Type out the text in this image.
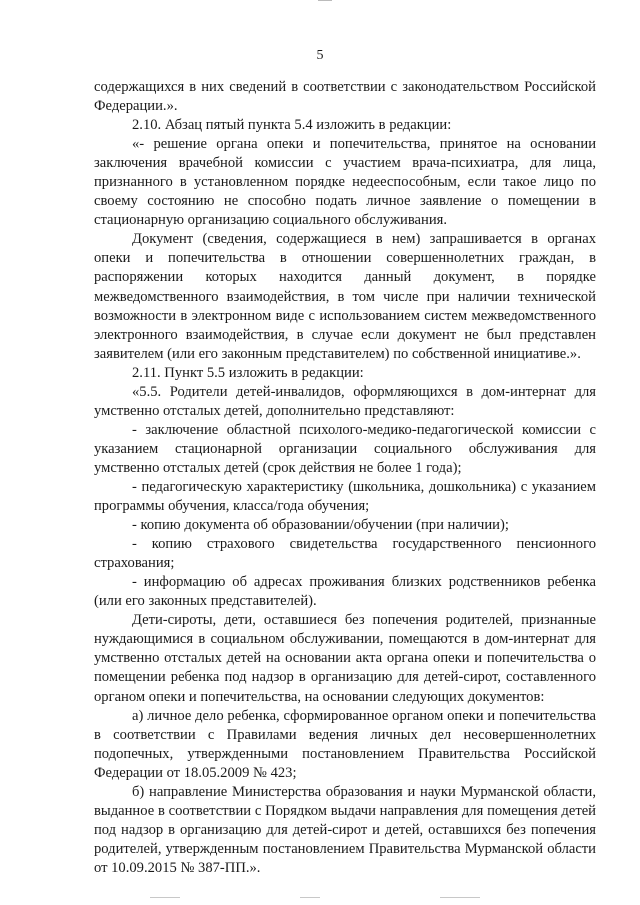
5

содержащихся в них сведений в соответствии с законодательством Российской Федерации.».

2.10. Абзац пятый пункта 5.4 изложить в редакции:

«- решение органа опеки и попечительства, принятое на основании заключения врачебной комиссии с участием врача-психиатра, для лица, признанного в установленном порядке недееспособным, если такое лицо по своему состоянию не способно подать личное заявление о помещении в стационарную организацию социального обслуживания.

Документ (сведения, содержащиеся в нем) запрашивается в органах опеки и попечительства в отношении совершеннолетних граждан, в распоряжении которых находится данный документ, в порядке межведомственного взаимодействия, в том числе при наличии технической возможности в электронном виде с использованием систем межведомственного электронного взаимодействия, в случае если документ не был представлен заявителем (или его законным представителем) по собственной инициативе.».

2.11. Пункт 5.5 изложить в редакции:

«5.5. Родители детей-инвалидов, оформляющихся в дом-интернат для умственно отсталых детей, дополнительно представляют:

- заключение областной психолого-медико-педагогической комиссии с указанием стационарной организации социального обслуживания для умственно отсталых детей (срок действия не более 1 года);

- педагогическую характеристику (школьника, дошкольника) с указанием программы обучения, класса/года обучения;

- копию документа об образовании/обучении (при наличии);

- копию страхового свидетельства государственного пенсионного страхования;

- информацию об адресах проживания близких родственников ребенка (или его законных представителей).

Дети-сироты, дети, оставшиеся без попечения родителей, признанные нуждающимися в социальном обслуживании, помещаются в дом-интернат для умственно отсталых детей на основании акта органа опеки и попечительства о помещении ребенка под надзор в организацию для детей-сирот, составленного органом опеки и попечительства, на основании следующих документов:

а) личное дело ребенка, сформированное органом опеки и попечительства в соответствии с Правилами ведения личных дел несовершеннолетних подопечных, утвержденными постановлением Правительства Российской Федерации от 18.05.2009 № 423;

б) направление Министерства образования и науки Мурманской области, выданное в соответствии с Порядком выдачи направления для помещения детей под надзор в организацию для детей-сирот и детей, оставшихся без попечения родителей, утвержденным постановлением Правительства Мурманской области от 10.09.2015 № 387-ПП.».
